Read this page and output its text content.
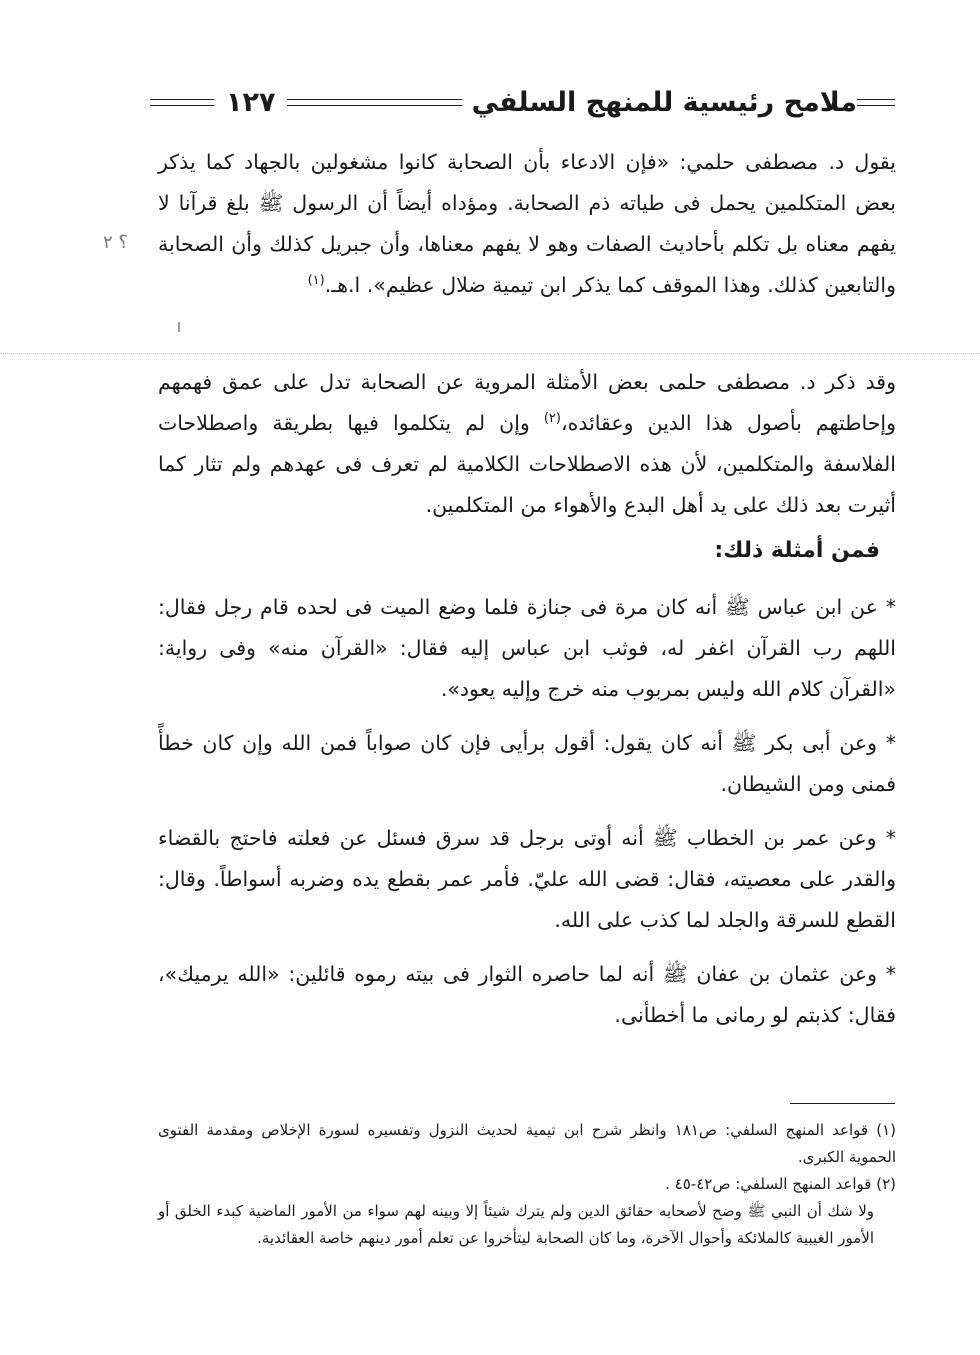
ملامح رئيسية للمنهج السلفي
١٢٧
؟ ٢
يقول د. مصطفى حلمي: «فإن الادعاء بأن الصحابة كانوا مشغولين بالجهاد كما يذكر بعض المتكلمين يحمل فى طياته ذم الصحابة. ومؤداه أيضاً أن الرسول ﷺ بلغ قرآنا لا يفهم معناه بل تكلم بأحاديث الصفات وهو لا يفهم معناها، وأن جبريل كذلك وأن الصحابة والتابعين كذلك. وهذا الموقف كما يذكر ابن تيمية ضلال عظيم». ا.هـ.$^{(١)}$
وقد ذكر د. مصطفى حلمى بعض الأمثلة المروية عن الصحابة تدل على عمق فهمهم وإحاطتهم بأصول هذا الدين وعقائده،$^{(٢)}$ وإن لم يتكلموا فيها بطريقة واصطلاحات الفلاسفة والمتكلمين، لأن هذه الاصطلاحات الكلامية لم تعرف فى عهدهم ولم تثار كما أثيرت بعد ذلك على يد أهل البدع والأهواء من المتكلمين.
فمن أمثلة ذلك:
* عن ابن عباس ﷺ أنه كان مرة فى جنازة فلما وضع الميت فى لحده قام رجل فقال: اللهم رب القرآن اغفر له، فوثب ابن عباس إليه فقال: «القرآن منه» وفى رواية: «القرآن كلام الله وليس بمربوب منه خرج وإليه يعود».
* وعن أبى بكر ﷺ أنه كان يقول: أقول برأيى فإن كان صواباً فمن الله وإن كان خطأً فمنى ومن الشيطان.
* وعن عمر بن الخطاب ﷺ أنه أوتى برجل قد سرق فسئل عن فعلته فاحتج بالقضاء والقدر على معصيته، فقال: قضى الله عليّ. فأمر عمر بقطع يده وضربه أسواطاً. وقال: القطع للسرقة والجلد لما كذب على الله.
* وعن عثمان بن عفان ﷺ أنه لما حاصره الثوار فى بيته رموه قائلين: «الله يرميك»، فقال: كذبتم لو رمانى ما أخطأنى.

(١) قواعد المنهج السلفي: ص١٨١ وانظر شرح ابن تيمية لحديث النزول وتفسيره لسورة الإخلاص ومقدمة الفتوى الحموية الكبرى.

(٢) قواعد المنهج السلفي: ص٤٢-٤٥ .

ولا شك أن النبي ﷺ وضح لأصحابه حقائق الدين ولم يترك شيئاً إلا وبينه لهم سواء من الأمور الماضية كبدء الخلق أو الأمور الغيبية كالملائكة وأحوال الآخرة، وما كان الصحابة ليتأخروا عن تعلم أمور دينهم خاصة العقائدية.
